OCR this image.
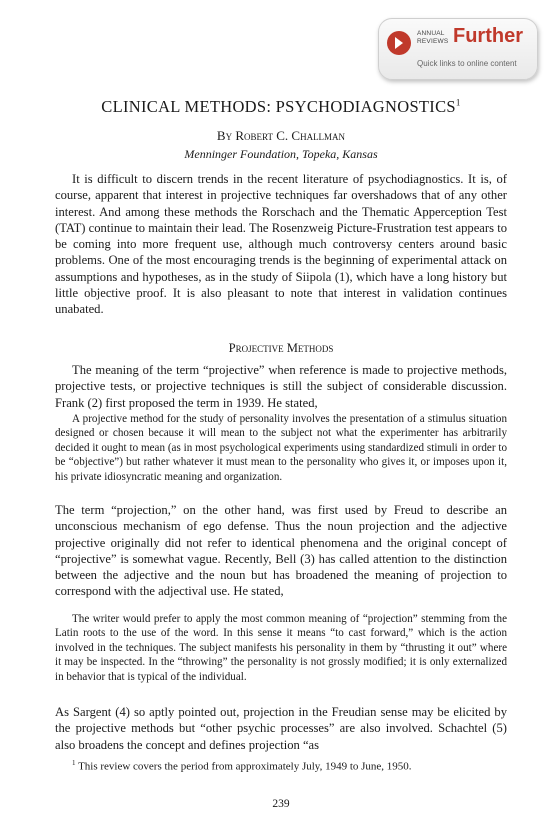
ANNUAL
REVIEWS Further
Quick links to online content
CLINICAL METHODS: PSYCHODIAGNOSTICS$^1$
By Robert C. Challman
Menninger Foundation, Topeka, Kansas

It is difficult to discern trends in the recent literature of psychodiagnostics. It is, of course, apparent that interest in projective techniques far overshadows that of any other interest. And among these methods the Rorschach and the Thematic Apperception Test (TAT) continue to maintain their lead. The Rosenzweig Picture-Frustration test appears to be coming into more frequent use, although much controversy centers around basic problems. One of the most encouraging trends is the beginning of experimental attack on assumptions and hypotheses, as in the study of Siipola (1), which have a long history but little objective proof. It is also pleasant to note that interest in validation continues unabated.

Projective Methods

The meaning of the term “projective” when reference is made to projective methods, projective tests, or projective techniques is still the subject of considerable discussion. Frank (2) first proposed the term in 1939. He stated,

A projective method for the study of personality involves the presentation of a stimulus situation designed or chosen because it will mean to the subject not what the experimenter has arbitrarily decided it ought to mean (as in most psychological experiments using standardized stimuli in order to be “objective”) but rather whatever it must mean to the personality who gives it, or imposes upon it, his private idiosyncratic meaning and organization.

The term “projection,” on the other hand, was first used by Freud to describe an unconscious mechanism of ego defense. Thus the noun projection and the adjective projective originally did not refer to identical phenomena and the original concept of “projective” is somewhat vague. Recently, Bell (3) has called attention to the distinction between the adjective and the noun but has broadened the meaning of projection to correspond with the adjectival use. He stated,

The writer would prefer to apply the most common meaning of “projection” stemming from the Latin roots to the use of the word. In this sense it means “to cast forward,” which is the action involved in the techniques. The subject manifests his personality in them by “thrusting it out” where it may be inspected. In the “throwing” the personality is not grossly modified; it is only externalized in behavior that is typical of the individual.

As Sargent (4) so aptly pointed out, projection in the Freudian sense may be elicited by the projective methods but “other psychic processes” are also involved. Schachtel (5) also broadens the concept and defines projection “as

$^1$ This review covers the period from approximately July, 1949 to June, 1950.

239
